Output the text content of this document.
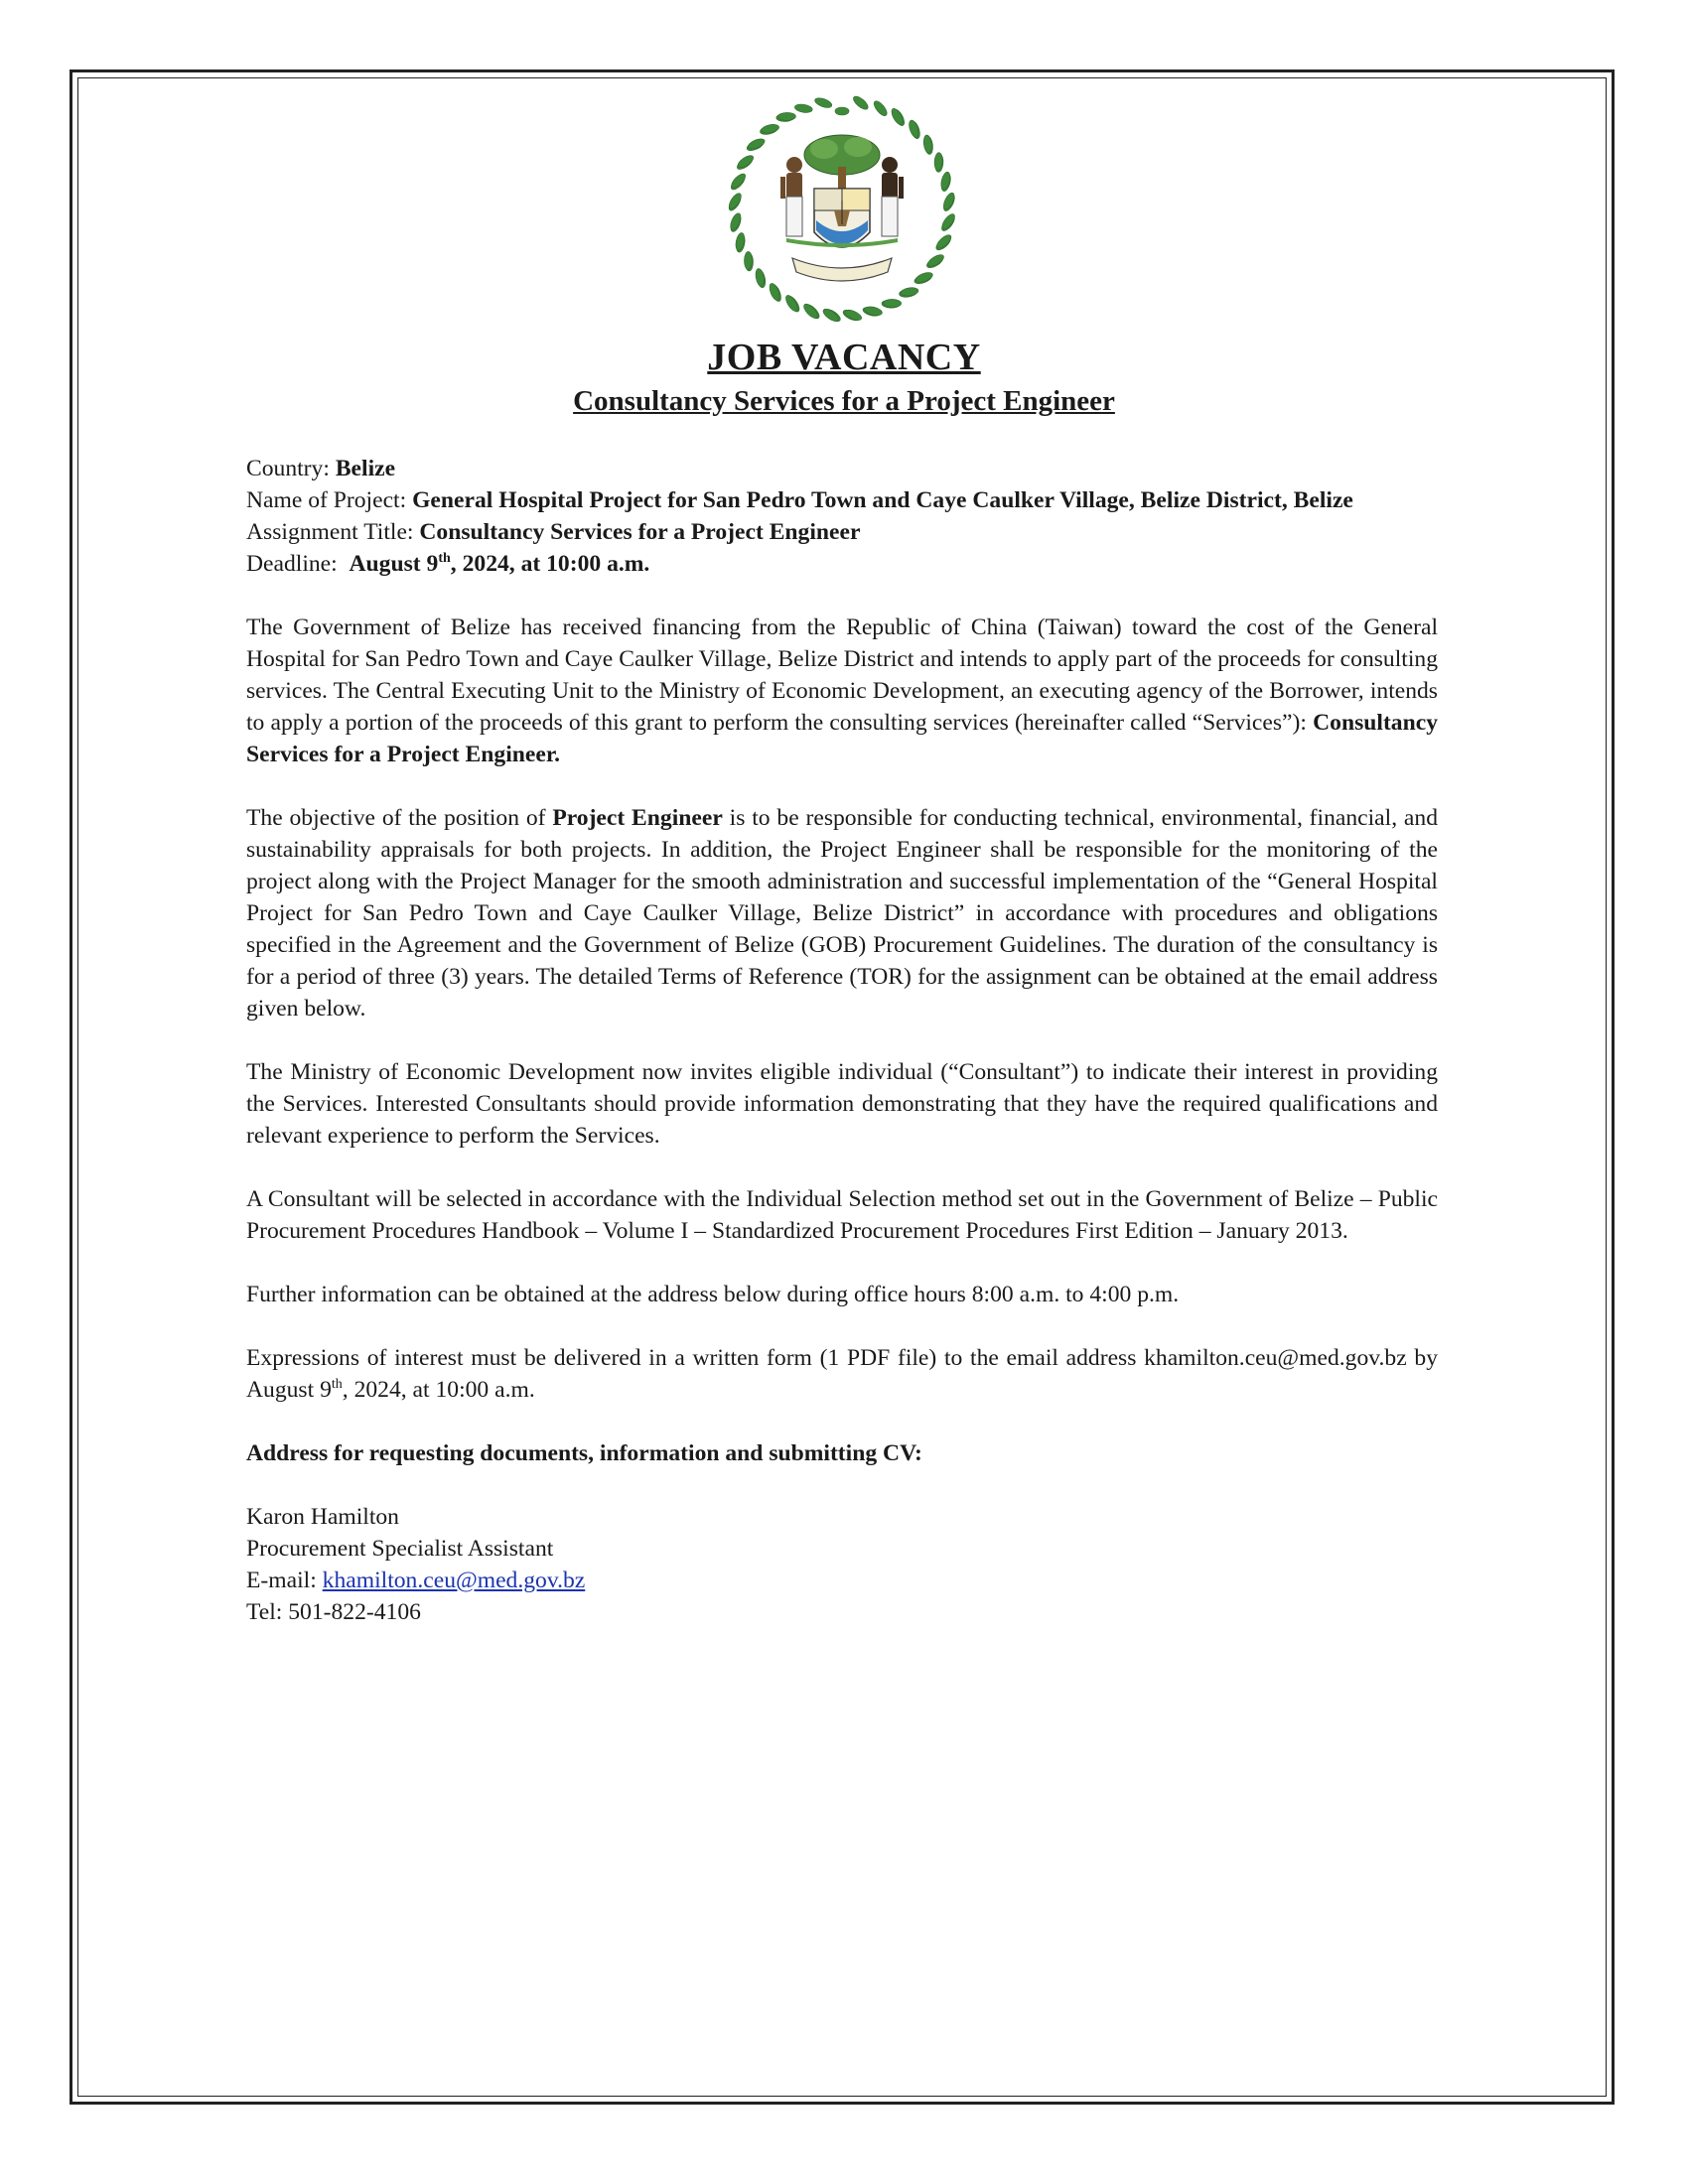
JOB VACANCY
Consultancy Services for a Project Engineer

Country: Belize

Name of Project: General Hospital Project for San Pedro Town and Caye Caulker Village, Belize District, Belize

Assignment Title: Consultancy Services for a Project Engineer

Deadline: August 9th, 2024, at 10:00 a.m.

The Government of Belize has received financing from the Republic of China (Taiwan) toward the cost of the General Hospital for San Pedro Town and Caye Caulker Village, Belize District and intends to apply part of the proceeds for consulting services. The Central Executing Unit to the Ministry of Economic Development, an executing agency of the Borrower, intends to apply a portion of the proceeds of this grant to perform the consulting services (hereinafter called “Services”): Consultancy Services for a Project Engineer.

The objective of the position of Project Engineer is to be responsible for conducting technical, environmental, financial, and sustainability appraisals for both projects. In addition, the Project Engineer shall be responsible for the monitoring of the project along with the Project Manager for the smooth administration and successful implementation of the “General Hospital Project for San Pedro Town and Caye Caulker Village, Belize District” in accordance with procedures and obligations specified in the Agreement and the Government of Belize (GOB) Procurement Guidelines. The duration of the consultancy is for a period of three (3) years. The detailed Terms of Reference (TOR) for the assignment can be obtained at the email address given below.

The Ministry of Economic Development now invites eligible individual (“Consultant”) to indicate their interest in providing the Services. Interested Consultants should provide information demonstrating that they have the required qualifications and relevant experience to perform the Services.

A Consultant will be selected in accordance with the Individual Selection method set out in the Government of Belize – Public Procurement Procedures Handbook – Volume I – Standardized Procurement Procedures First Edition – January 2013.

Further information can be obtained at the address below during office hours 8:00 a.m. to 4:00 p.m.

Expressions of interest must be delivered in a written form (1 PDF file) to the email address khamilton.ceu@med.gov.bz by August 9th, 2024, at 10:00 a.m.

Address for requesting documents, information and submitting CV:

Karon Hamilton

Procurement Specialist Assistant

E-mail: khamilton.ceu@med.gov.bz

Tel: 501-822-4106
